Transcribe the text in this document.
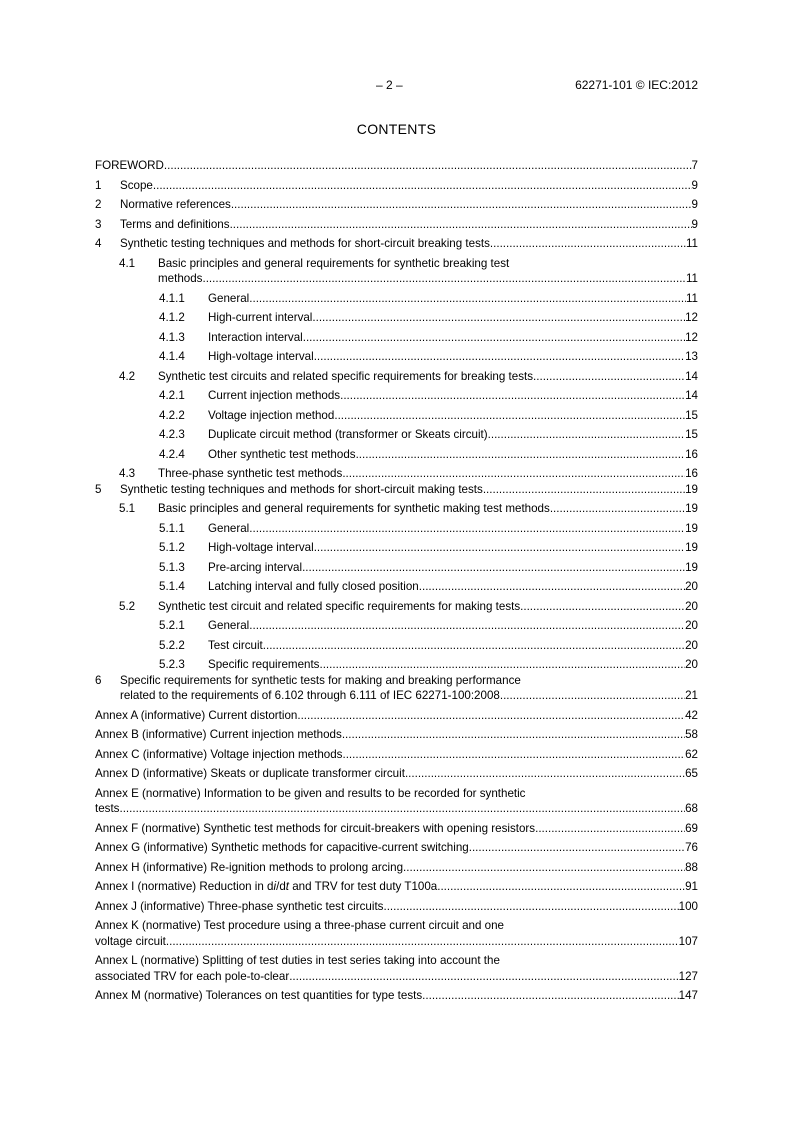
– 2 –	62271-101 © IEC:2012
CONTENTS
FOREWORD .....	7
1	Scope .....	9
2	Normative references .....	9
3	Terms and definitions .....	9
4	Synthetic testing techniques and methods for short-circuit breaking tests .....	11
4.1	Basic principles and general requirements for synthetic breaking test
methods .....	11
4.1.1	General .....	11
4.1.2	High-current interval .....	12
4.1.3	Interaction interval .....	12
4.1.4	High-voltage interval .....	13
4.2	Synthetic test circuits and related specific requirements for breaking tests .....	14
4.2.1	Current injection methods .....	14
4.2.2	Voltage injection method .....	15
4.2.3	Duplicate circuit method (transformer or Skeats circuit) .....	15
4.2.4	Other synthetic test methods .....	16
4.3	Three-phase synthetic test methods .....	16
5	Synthetic testing techniques and methods for short-circuit making tests .....	19
5.1	Basic principles and general requirements for synthetic making test methods .....	19
5.1.1	General .....	19
5.1.2	High-voltage interval .....	19
5.1.3	Pre-arcing interval .....	19
5.1.4	Latching interval and fully closed position .....	20
5.2	Synthetic test circuit and related specific requirements for making tests .....	20
5.2.1	General .....	20
5.2.2	Test circuit .....	20
5.2.3	Specific requirements .....	20
6	Specific requirements for synthetic tests for making and breaking performance
related to the requirements of 6.102 through 6.111 of IEC 62271-100:2008 .....	21
Annex A (informative) Current distortion .....	42
Annex B (informative) Current injection methods .....	58
Annex C (informative) Voltage injection methods .....	62
Annex D (informative) Skeats or duplicate transformer circuit .....	65
Annex E (normative) Information to be given and results to be recorded for synthetic
tests .....	68
Annex F (normative) Synthetic test methods for circuit-breakers with opening resistors .....	69
Annex G (informative) Synthetic methods for capacitive-current switching .....	76
Annex H (informative) Re-ignition methods to prolong arcing .....	88
Annex I (normative) Reduction in di/dt and TRV for test duty T100a .....	91
Annex J (informative) Three-phase synthetic test circuits .....	100
Annex K (normative) Test procedure using a three-phase current circuit and one
voltage circuit .....	107
Annex L (normative) Splitting of test duties in test series taking into account the
associated TRV for each pole-to-clear .....	127
Annex M (normative) Tolerances on test quantities for type tests .....	147
